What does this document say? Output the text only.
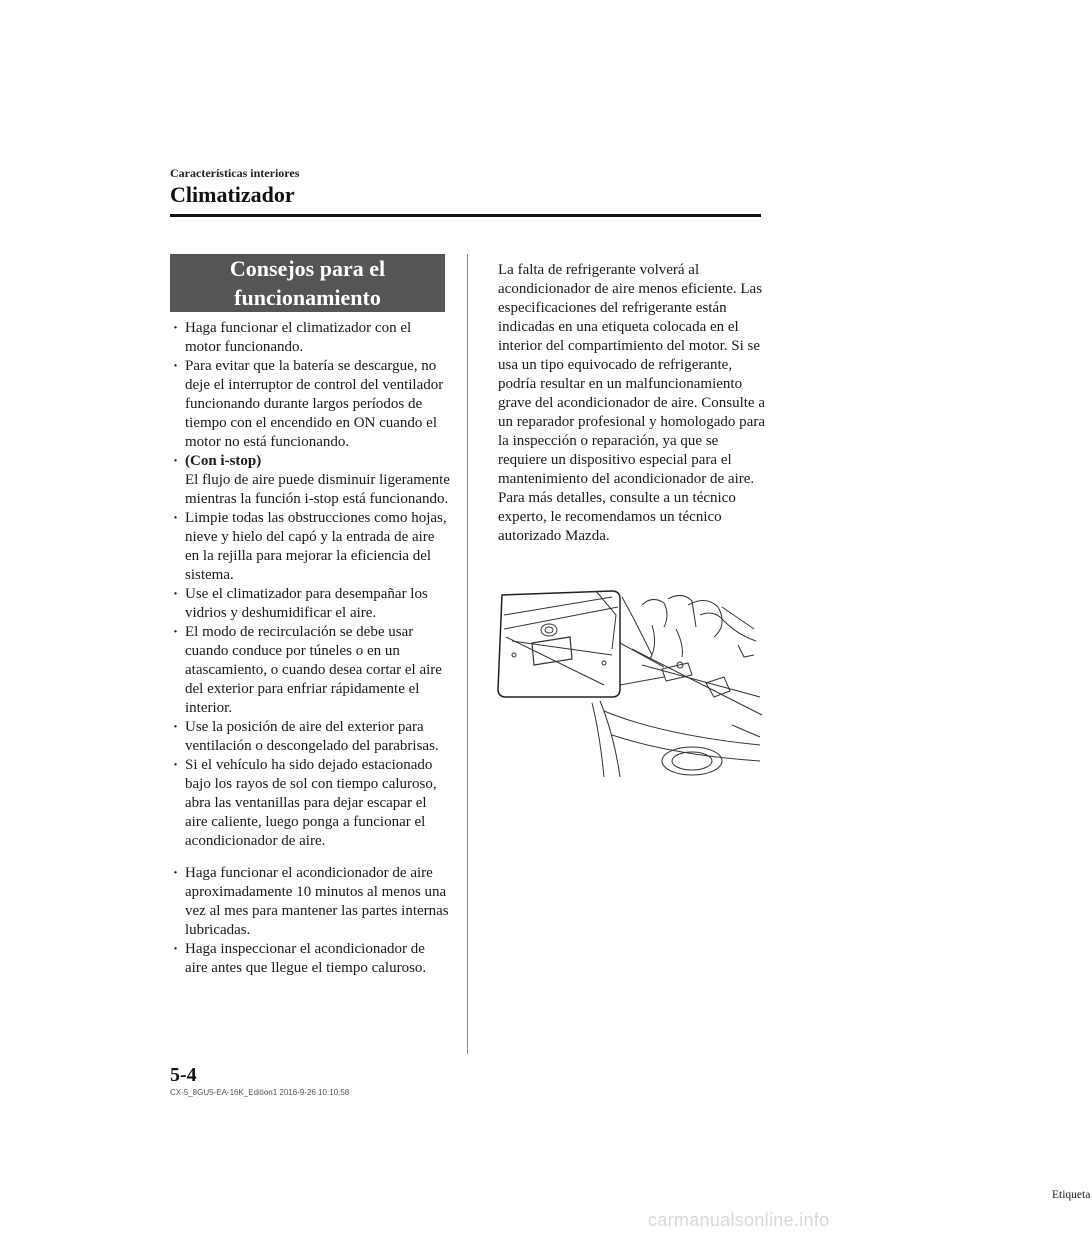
Características interiores
Climatizador
Consejos para el
funcionamiento
· Haga funcionar el climatizador con el motor funcionando.
· Para evitar que la batería se descargue, no deje el interruptor de control del ventilador funcionando durante largos períodos de tiempo con el encendido en ON cuando el motor no está funcionando.
· (Con i-stop)
El flujo de aire puede disminuir ligeramente mientras la función i-stop está funcionando.
· Limpie todas las obstrucciones como hojas, nieve y hielo del capó y la entrada de aire en la rejilla para mejorar la eficiencia del sistema.
· Use el climatizador para desempañar los vidrios y deshumidificar el aire.
· El modo de recirculación se debe usar cuando conduce por túneles o en un atascamiento, o cuando desea cortar el aire del exterior para enfriar rápidamente el interior.
· Use la posición de aire del exterior para ventilación o descongelado del parabrisas.
· Si el vehículo ha sido dejado estacionado bajo los rayos de sol con tiempo caluroso, abra las ventanillas para dejar escapar el aire caliente, luego ponga a funcionar el acondicionador de aire.
· Haga funcionar el acondicionador de aire aproximadamente 10 minutos al menos una vez al mes para mantener las partes internas lubricadas.
· Haga inspeccionar el acondicionador de aire antes que llegue el tiempo caluroso.

La falta de refrigerante volverá al acondicionador de aire menos eficiente. Las especificaciones del refrigerante están indicadas en una etiqueta colocada en el interior del compartimiento del motor. Si se usa un tipo equivocado de refrigerante, podría resultar en un malfuncionamiento grave del acondicionador de aire. Consulte a un reparador profesional y homologado para la inspección o reparación, ya que se requiere un dispositivo especial para el mantenimiento del acondicionador de aire.

Para más detalles, consulte a un técnico experto, le recomendamos un técnico autorizado Mazda.

Etiqueta
5-4
CX-5_8GU5-EA-16K_Edition1 2016-9-26 10:10:58
carmanualsonline.info
